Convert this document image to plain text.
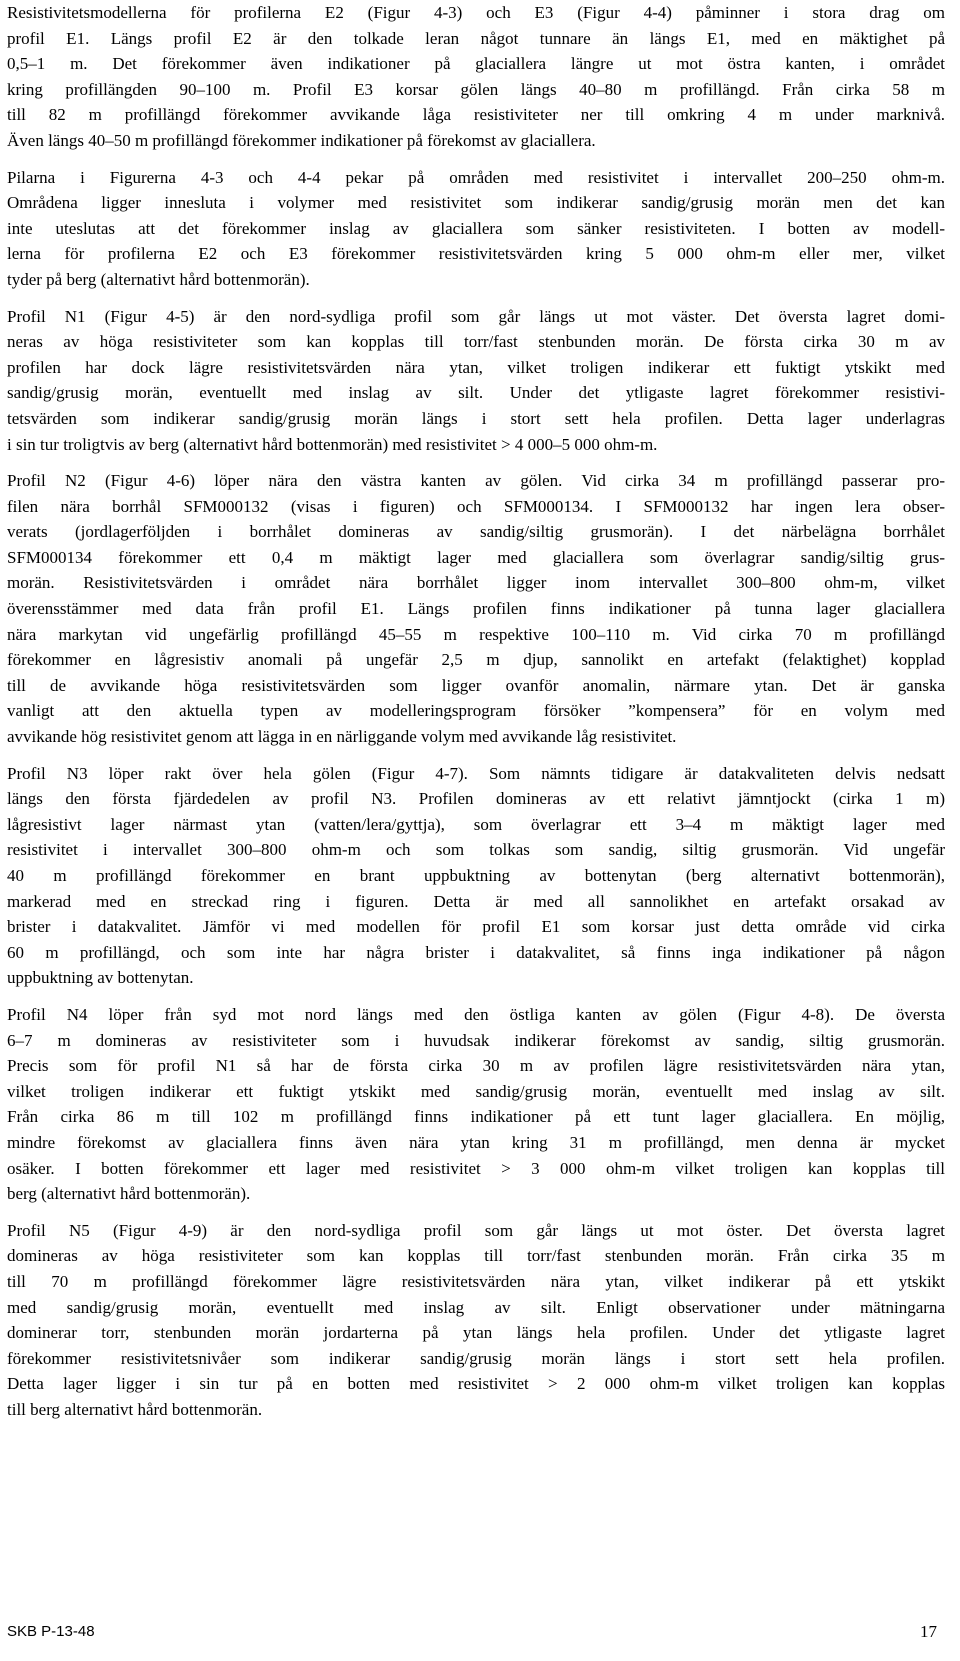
Resistivitetsmodellerna för profilerna E2 (Figur 4-3) och E3 (Figur 4-4) påminner i stora drag om
profil E1. Längs profil E2 är den tolkade leran något tunnare än längs E1, med en mäktighet på
0,5–1 m. Det förekommer även indikationer på glaciallera längre ut mot östra kanten, i området
kring profillängden 90–100 m. Profil E3 korsar gölen längs 40–80 m profillängd. Från cirka 58 m
till 82 m profillängd förekommer avvikande låga resistiviteter ner till omkring 4 m under marknivå.
Även längs 40–50 m profillängd förekommer indikationer på förekomst av glaciallera.

Pilarna i Figurerna 4-3 och 4-4 pekar på områden med resistivitet i intervallet 200–250 ohm-m.
Områdena ligger innesluta i volymer med resistivitet som indikerar sandig/grusig morän men det kan
inte uteslutas att det förekommer inslag av glaciallera som sänker resistiviteten. I botten av modell-
lerna för profilerna E2 och E3 förekommer resistivitetsvärden kring 5 000 ohm-m eller mer, vilket
tyder på berg (alternativt hård bottenmorän).

Profil N1 (Figur 4-5) är den nord-sydliga profil som går längs ut mot väster. Det översta lagret domi-
neras av höga resistiviteter som kan kopplas till torr/fast stenbunden morän. De första cirka 30 m av
profilen har dock lägre resistivitetsvärden nära ytan, vilket troligen indikerar ett fuktigt ytskikt med
sandig/grusig morän, eventuellt med inslag av silt. Under det ytligaste lagret förekommer resistivi-
tetsvärden som indikerar sandig/grusig morän längs i stort sett hela profilen. Detta lager underlagras
i sin tur troligtvis av berg (alternativt hård bottenmorän) med resistivitet > 4 000–5 000 ohm-m.

Profil N2 (Figur 4-6) löper nära den västra kanten av gölen. Vid cirka 34 m profillängd passerar pro-
filen nära borrhål SFM000132 (visas i figuren) och SFM000134. I SFM000132 har ingen lera obser-
verats (jordlagerföljden i borrhålet domineras av sandig/siltig grusmorän). I det närbelägna borrhålet
SFM000134 förekommer ett 0,4 m mäktigt lager med glaciallera som överlagrar sandig/siltig grus-
morän. Resistivitetsvärden i området nära borrhålet ligger inom intervallet 300–800 ohm-m, vilket
överensstämmer med data från profil E1. Längs profilen finns indikationer på tunna lager glaciallera
nära markytan vid ungefärlig profillängd 45–55 m respektive 100–110 m. Vid cirka 70 m profillängd
förekommer en lågresistiv anomali på ungefär 2,5 m djup, sannolikt en artefakt (felaktighet) kopplad
till de avvikande höga resistivitetsvärden som ligger ovanför anomalin, närmare ytan. Det är ganska
vanligt att den aktuella typen av modelleringsprogram försöker ”kompensera” för en volym med
avvikande hög resistivitet genom att lägga in en närliggande volym med avvikande låg resistivitet.

Profil N3 löper rakt över hela gölen (Figur 4-7). Som nämnts tidigare är datakvaliteten delvis nedsatt
längs den första fjärdedelen av profil N3. Profilen domineras av ett relativt jämntjockt (cirka 1 m)
lågresistivt lager närmast ytan (vatten/lera/gyttja), som överlagrar ett 3–4 m mäktigt lager med
resistivitet i intervallet 300–800 ohm-m och som tolkas som sandig, siltig grusmorän. Vid ungefär
40 m profillängd förekommer en brant uppbuktning av bottenytan (berg alternativt bottenmorän),
markerad med en streckad ring i figuren. Detta är med all sannolikhet en artefakt orsakad av
brister i datakvalitet. Jämför vi med modellen för profil E1 som korsar just detta område vid cirka
60 m profillängd, och som inte har några brister i datakvalitet, så finns inga indikationer på någon
uppbuktning av bottenytan.

Profil N4 löper från syd mot nord längs med den östliga kanten av gölen (Figur 4-8). De översta
6–7 m domineras av resistiviteter som i huvudsak indikerar förekomst av sandig, siltig grusmorän.
Precis som för profil N1 så har de första cirka 30 m av profilen lägre resistivitetsvärden nära ytan,
vilket troligen indikerar ett fuktigt ytskikt med sandig/grusig morän, eventuellt med inslag av silt.
Från cirka 86 m till 102 m profillängd finns indikationer på ett tunt lager glaciallera. En möjlig,
mindre förekomst av glaciallera finns även nära ytan kring 31 m profillängd, men denna är mycket
osäker. I botten förekommer ett lager med resistivitet > 3 000 ohm-m vilket troligen kan kopplas till
berg (alternativt hård bottenmorän).

Profil N5 (Figur 4-9) är den nord-sydliga profil som går längs ut mot öster. Det översta lagret
domineras av höga resistiviteter som kan kopplas till torr/fast stenbunden morän. Från cirka 35 m
till 70 m profillängd förekommer lägre resistivitetsvärden nära ytan, vilket indikerar på ett ytskikt
med sandig/grusig morän, eventuellt med inslag av silt. Enligt observationer under mätningarna
dominerar torr, stenbunden morän jordarterna på ytan längs hela profilen. Under det ytligaste lagret
förekommer resistivitetsnivåer som indikerar sandig/grusig morän längs i stort sett hela profilen.
Detta lager ligger i sin tur på en botten med resistivitet > 2 000 ohm-m vilket troligen kan kopplas
till berg alternativt hård bottenmorän.

SKB P-13-48	17
